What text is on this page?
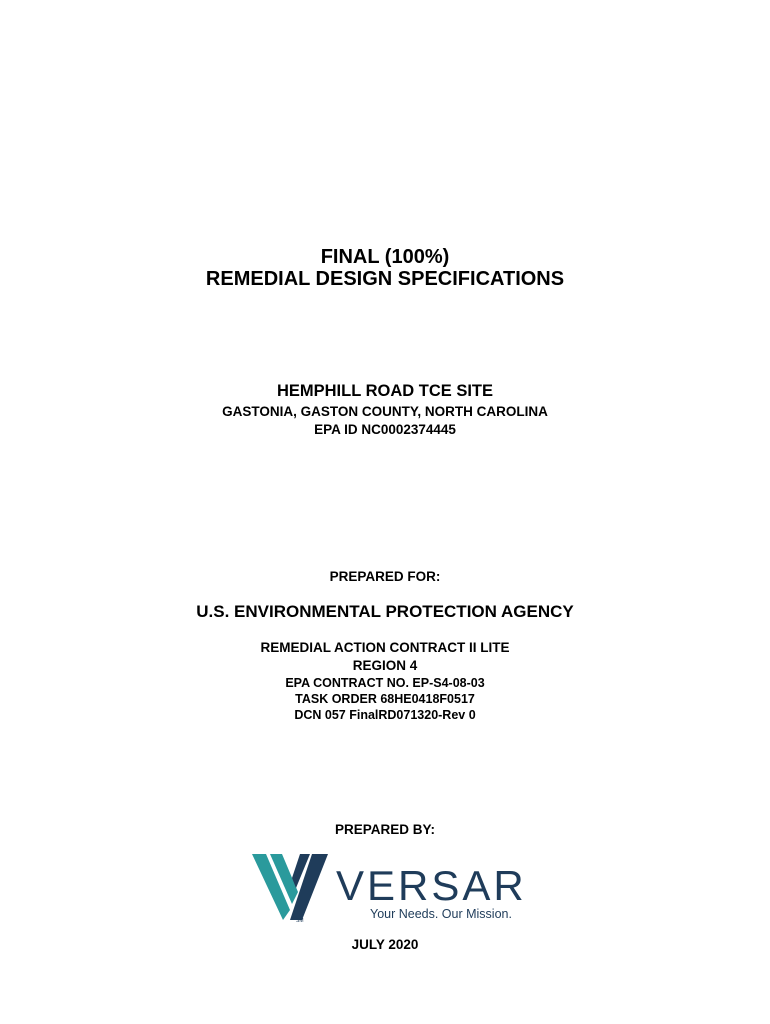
FINAL (100%)
REMEDIAL DESIGN SPECIFICATIONS
HEMPHILL ROAD TCE SITE
GASTONIA, GASTON COUNTY, NORTH CAROLINA
EPA ID NC0002374445
PREPARED FOR:
U.S. ENVIRONMENTAL PROTECTION AGENCY
REMEDIAL ACTION CONTRACT II LITE
REGION 4
EPA CONTRACT NO. EP-S4-08-03
TASK ORDER 68HE0418F0517
DCN 057 FinalRD071320-Rev 0
PREPARED BY:
SM
VERSAR
Your Needs. Our Mission.
JULY 2020
